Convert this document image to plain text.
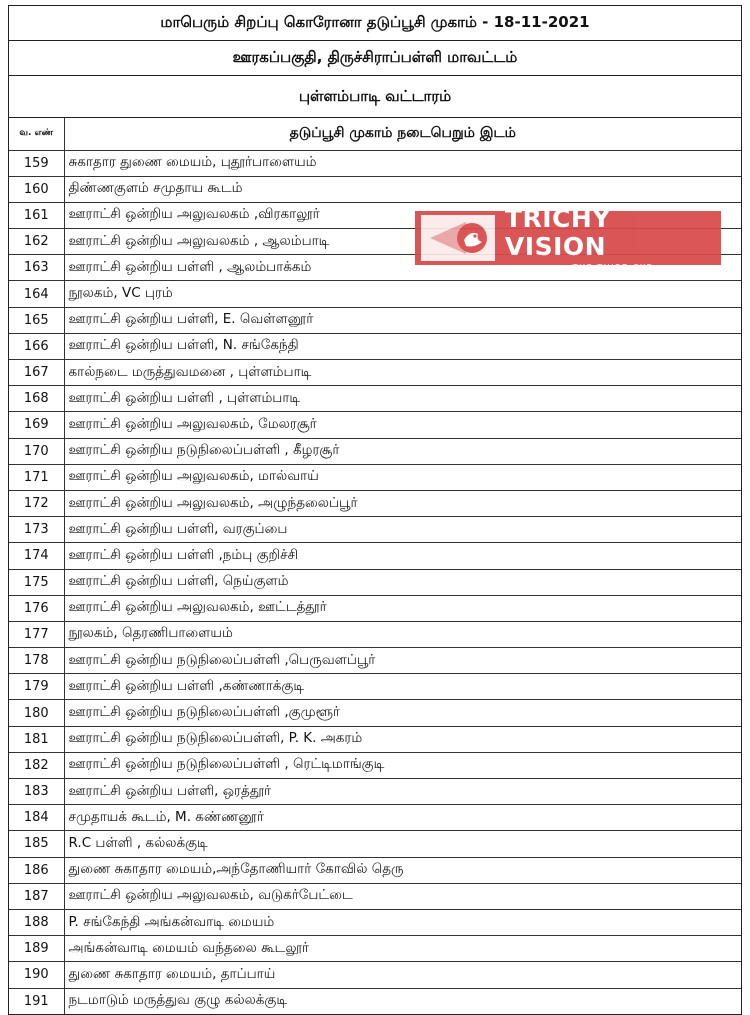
மாபெரும் சிறப்பு கொரோனா தடுப்பூசி முகாம் - 18-11-2021
ஊரகப்பகுதி, திருச்சிராப்பள்ளி மாவட்டம்
புள்ளம்பாடி வட்டாரம்
வ. எண்	தடுப்பூசி முகாம் நடைபெறும் இடம்
159	சுகாதார துணை மையம், புதூர்பாளையம்
160	திண்ணகுளம் சமுதாய கூடம்
161	ஊராட்சி ஒன்றிய அலுவலகம் ,விரகாலூர்
162	ஊராட்சி ஒன்றிய அலுவலகம் , ஆலம்பாடி
163	ஊராட்சி ஒன்றிய பள்ளி , ஆலம்பாக்கம்
164	நூலகம், VC புரம்
165	ஊராட்சி ஒன்றிய பள்ளி, E. வெள்ளனூர்
166	ஊராட்சி ஒன்றிய பள்ளி, N. சங்கேந்தி
167	கால்நடை மருத்துவமனை , புள்ளம்பாடி
168	ஊராட்சி ஒன்றிய பள்ளி , புள்ளம்பாடி
169	ஊராட்சி ஒன்றிய அலுவலகம், மேலரசூர்
170	ஊராட்சி ஒன்றிய நடுநிலைப்பள்ளி , கீழரசூர்
171	ஊராட்சி ஒன்றிய அலுவலகம், மால்வாய்
172	ஊராட்சி ஒன்றிய அலுவலகம், அழுந்தலைப்பூர்
173	ஊராட்சி ஒன்றிய பள்ளி, வரகுப்பை
174	ஊராட்சி ஒன்றிய பள்ளி ,நம்பு குறிச்சி
175	ஊராட்சி ஒன்றிய பள்ளி, நெய்குளம்
176	ஊராட்சி ஒன்றிய அலுவலகம், ஊட்டத்தூர்
177	நூலகம், தெரணிபாளையம்
178	ஊராட்சி ஒன்றிய நடுநிலைப்பள்ளி ,பெருவளப்பூர்
179	ஊராட்சி ஒன்றிய பள்ளி ,கண்ணாக்குடி
180	ஊராட்சி ஒன்றிய நடுநிலைப்பள்ளி ,குமுளூர்
181	ஊராட்சி ஒன்றிய நடுநிலைப்பள்ளி, P. K. அகரம்
182	ஊராட்சி ஒன்றிய நடுநிலைப்பள்ளி , ரெட்டிமாங்குடி
183	ஊராட்சி ஒன்றிய பள்ளி, ஒரத்தூர்
184	சமுதாயக் கூடம், M. கண்ணனூர்
185	R.C பள்ளி , கல்லக்குடி
186	துணை சுகாதார மையம்,அந்தோணியார் கோவில் தெரு
187	ஊராட்சி ஒன்றிய அலுவலகம், வடுகர்பேட்டை
188	P. சங்கேந்தி அங்கன்வாடி மையம்
189	அங்கன்வாடி மையம் வந்தலை கூடலூர்
190	துணை சுகாதார மையம், தாப்பாய்
191	நடமாடும் மருத்துவ குழு கல்லக்குடி
TRICHY VISION
THE THIRD EYE
